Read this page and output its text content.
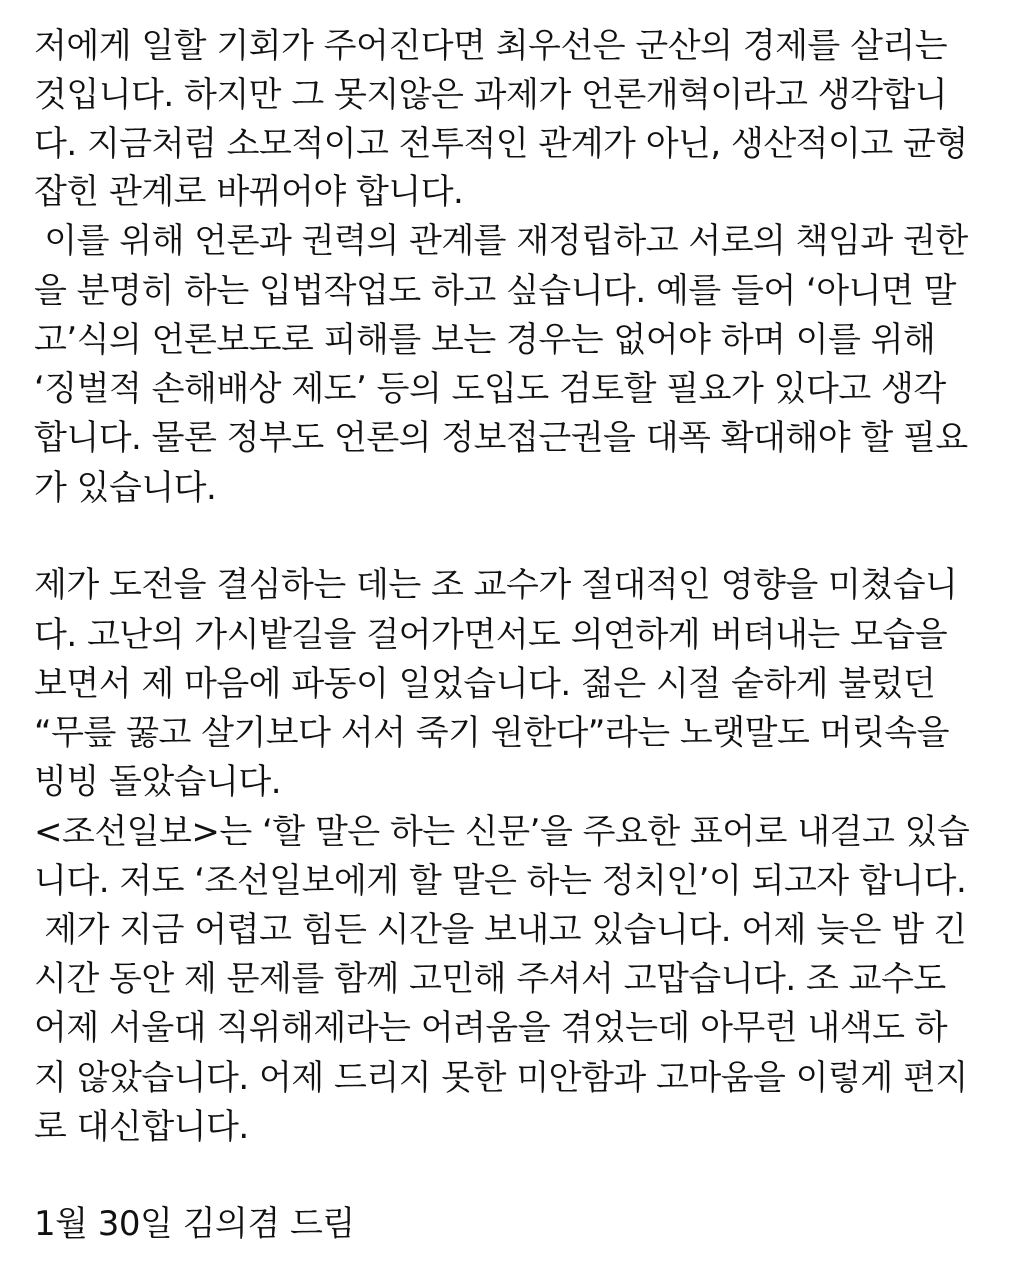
저에게 일할 기회가 주어진다면 최우선은 군산의 경제를 살리는
것입니다. 하지만 그 못지않은 과제가 언론개혁이라고 생각합니
다. 지금처럼 소모적이고 전투적인 관계가 아닌, 생산적이고 균형
잡힌 관계로 바뀌어야 합니다.
이를 위해 언론과 권력의 관계를 재정립하고 서로의 책임과 권한
을 분명히 하는 입법작업도 하고 싶습니다. 예를 들어 ‘아니면 말
고’식의 언론보도로 피해를 보는 경우는 없어야 하며 이를 위해
‘징벌적 손해배상 제도’ 등의 도입도 검토할 필요가 있다고 생각
합니다. 물론 정부도 언론의 정보접근권을 대폭 확대해야 할 필요
가 있습니다.
제가 도전을 결심하는 데는 조 교수가 절대적인 영향을 미쳤습니
다. 고난의 가시밭길을 걸어가면서도 의연하게 버텨내는 모습을
보면서 제 마음에 파동이 일었습니다. 젊은 시절 숱하게 불렀던
“무릎 꿇고 살기보다 서서 죽기 원한다”라는 노랫말도 머릿속을
빙빙 돌았습니다.
<조선일보>는 ‘할 말은 하는 신문’을 주요한 표어로 내걸고 있습
니다. 저도 ‘조선일보에게 할 말은 하는 정치인’이 되고자 합니다.
제가 지금 어렵고 힘든 시간을 보내고 있습니다. 어제 늦은 밤 긴
시간 동안 제 문제를 함께 고민해 주셔서 고맙습니다. 조 교수도
어제 서울대 직위해제라는 어려움을 겪었는데 아무런 내색도 하
지 않았습니다. 어제 드리지 못한 미안함과 고마움을 이렇게 편지
로 대신합니다.
1월 30일 김의겸 드림
